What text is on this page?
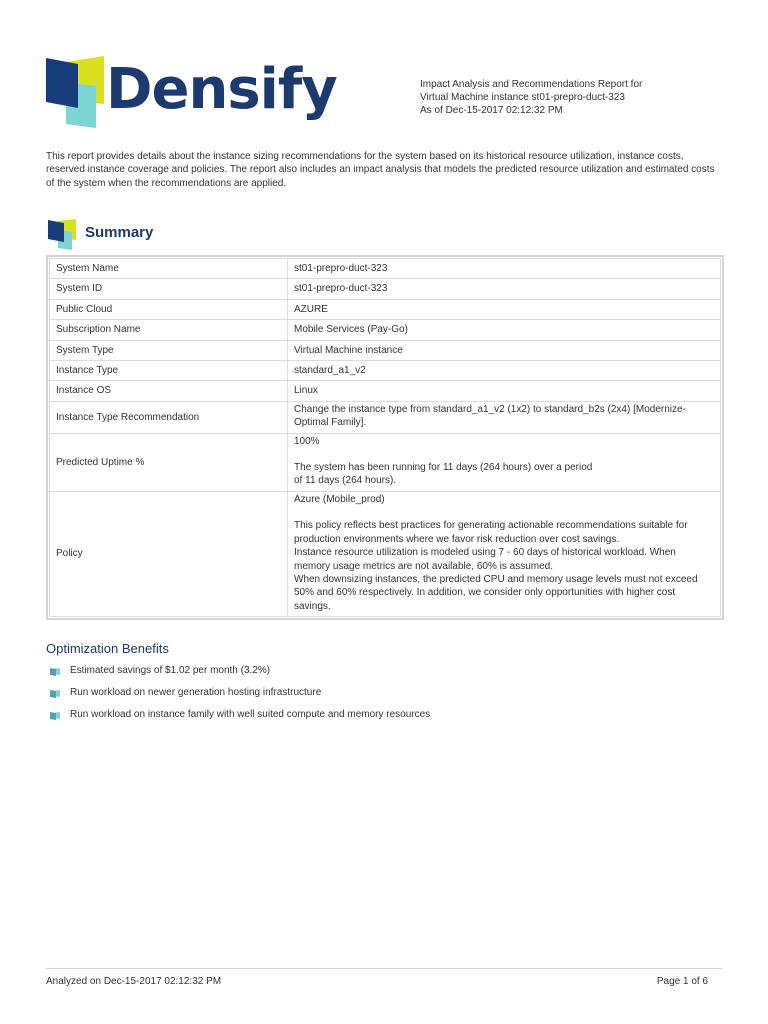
Densify	Impact Analysis and Recommendations Report for
Virtual Machine instance st01-prepro-duct-323
As of Dec-15-2017 02:12:32 PM
This report provides details about the instance sizing recommendations for the system based on its historical resource utilization, instance costs, reserved instance coverage and policies. The report also includes an impact analysis that models the predicted resource utilization and estimated costs of the system when the recommendations are applied.
Summary
System Name	st01-prepro-duct-323
System ID	st01-prepro-duct-323
Public Cloud	AZURE
Subscription Name	Mobile Services (Pay-Go)
System Type	Virtual Machine instance
Instance Type	standard_a1_v2
Instance OS	Linux
Instance Type Recommendation	Change the instance type from standard_a1_v2 (1x2) to standard_b2s (2x4) [Modernize-Optimal Family].
Predicted Uptime %	100%
The system has been running for 11 days (264 hours) over a period
of 11 days (264 hours).

Policy	Azure (Mobile_prod)
This policy reflects best practices for generating actionable recommendations suitable for production environments where we favor risk reduction over cost savings.
Instance resource utilization is modeled using 7 - 60 days of historical workload. When memory usage metrics are not available, 60% is assumed.
When downsizing instances, the predicted CPU and memory usage levels must not exceed 50% and 60% respectively. In addition, we consider only opportunities with higher cost savings.
Optimization Benefits
Estimated savings of $1.02 per month (3.2%)
Run workload on newer generation hosting infrastructure
Run workload on instance family with well suited compute and memory resources
Analyzed on Dec-15-2017 02:12:32 PM	Page 1 of 6
